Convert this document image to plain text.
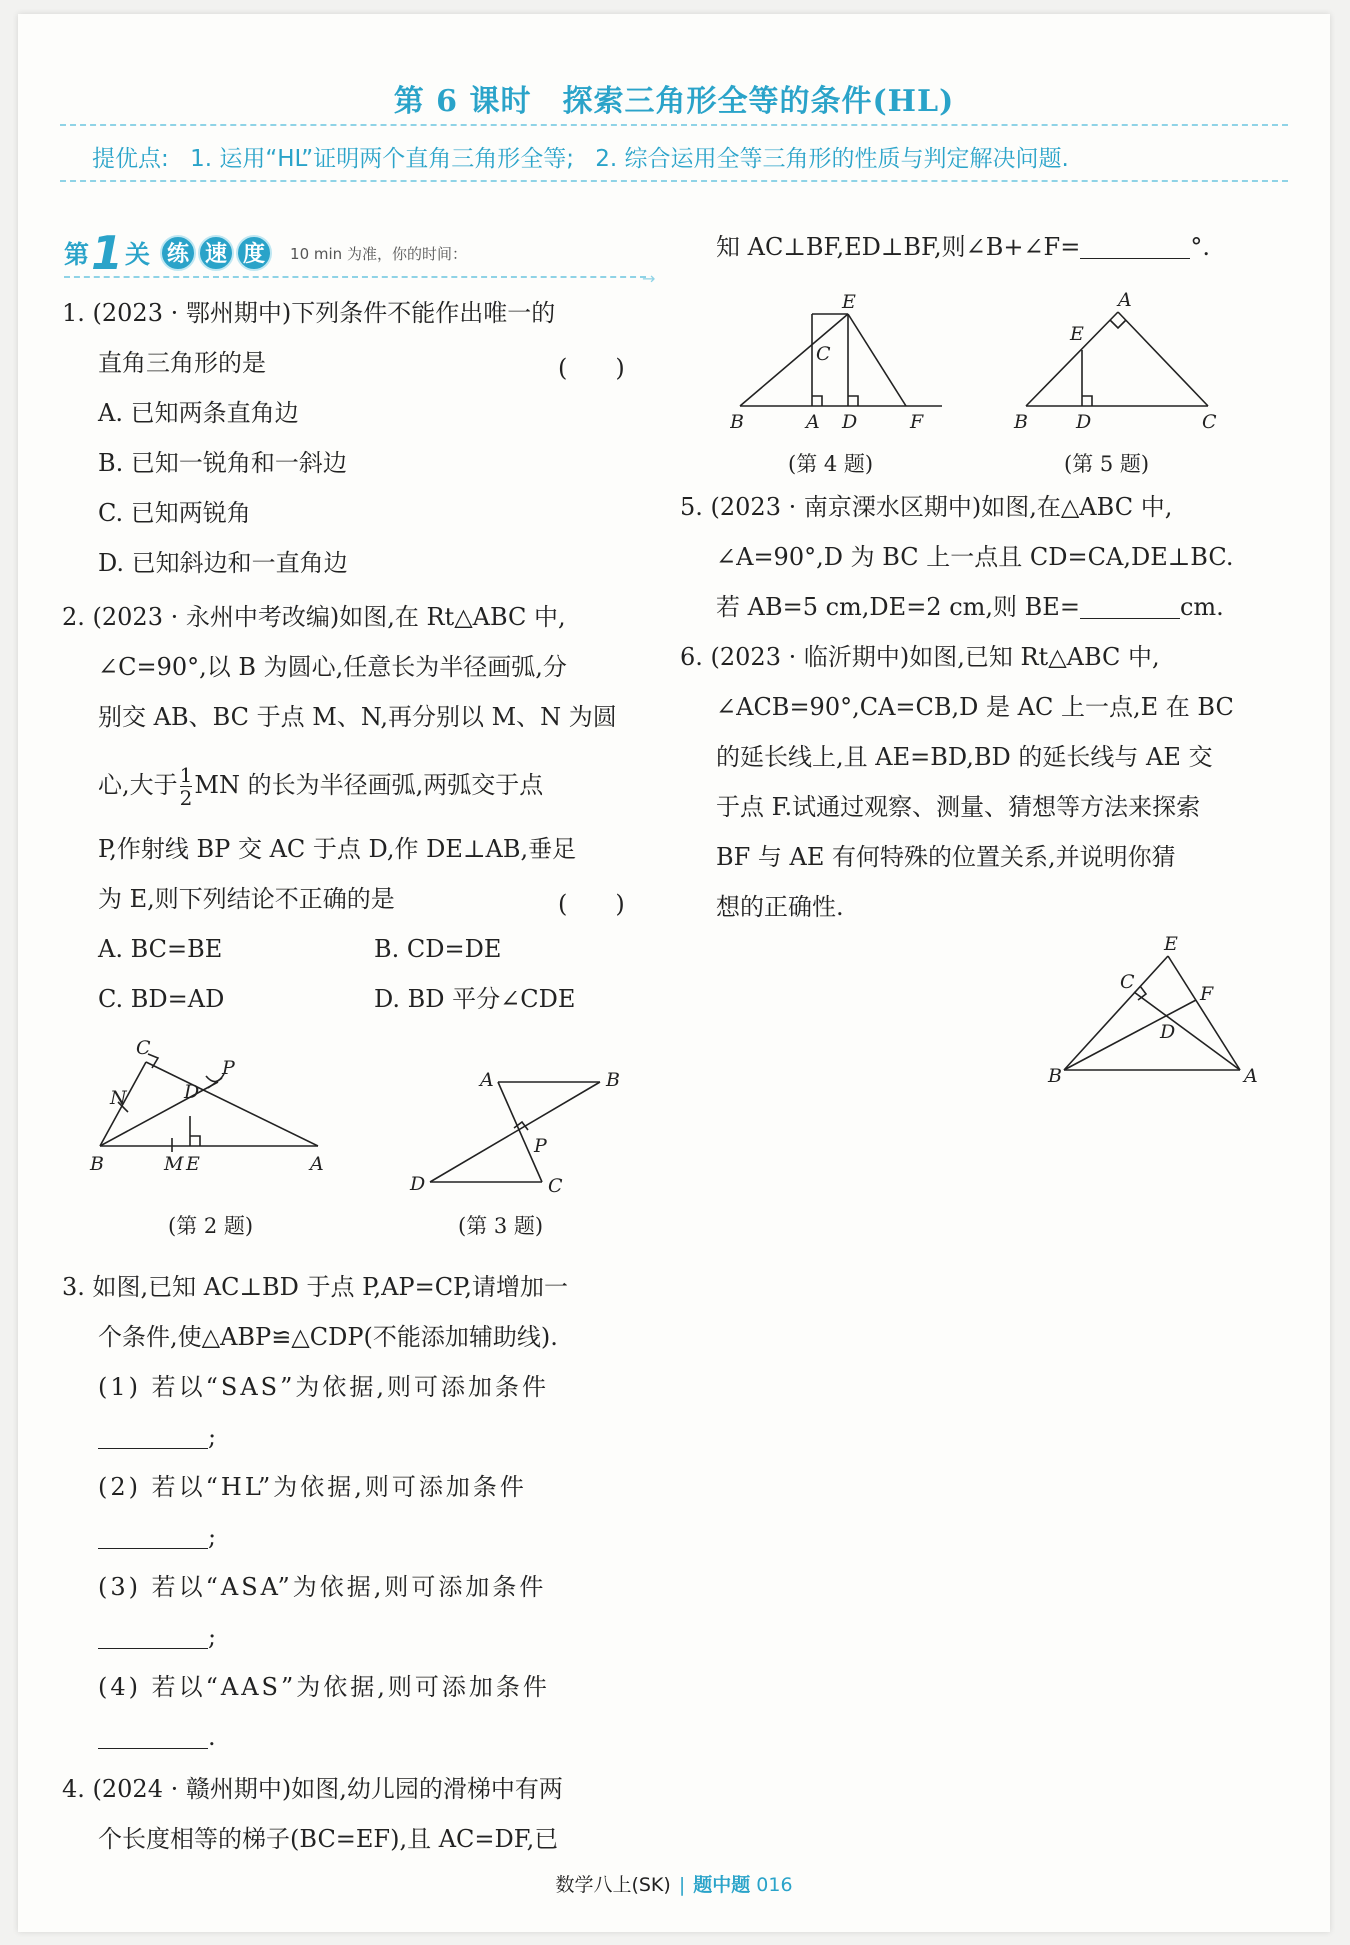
第 6 课时　探索三角形全等的条件(HL)
提优点: 1. 运用“HL”证明两个直角三角形全等; 2. 综合运用全等三角形的性质与判定解决问题.
第 1 关 练 速 度	10 min 为准，你的时间：
→
1. (2023 · 鄂州期中)下列条件不能作出唯一的
直角三角形的是	(　　)
A. 已知两条直角边
B. 已知一锐角和一斜边
C. 已知两锐角
D. 已知斜边和一直角边
2. (2023 · 永州中考改编)如图,在 Rt△ABC 中,
∠C=90°,以 B 为圆心,任意长为半径画弧,分
别交 AB、BC 于点 M、N,再分别以 M、N 为圆
心,大于 $\frac{1}{2}$ MN 的长为半径画弧,两弧交于点
P,作射线 BP 交 AC 于点 D,作 DE⊥AB,垂足
为 E,则下列结论不正确的是	(　　)
A. BC=BE	B. CD=DE
C. BD=AD	D. BD 平分∠CDE
C
N	D
P
B	M E	A
(第 2 题)
A	B
P
D	C
(第 3 题)
3. 如图,已知 AC⊥BD 于点 P,AP=CP,请增加一
个条件,使△ABP≌△CDP(不能添加辅助线).
(1) 若以“SAS”为依据,则可添加条件
;
(2) 若以“HL”为依据,则可添加条件
;
(3) 若以“ASA”为依据,则可添加条件
;
(4) 若以“AAS”为依据,则可添加条件
.
4. (2024 · 赣州期中)如图,幼儿园的滑梯中有两
个长度相等的梯子(BC=EF),且 AC=DF,已
知 AC⊥BF,ED⊥BF,则∠B+∠F=	°.
E
C
B	A D	F
(第 4 题)
A
E
B	D	C
(第 5 题)
5. (2023 · 南京溧水区期中)如图,在△ABC 中,
∠A=90°,D 为 BC 上一点且 CD=CA,DE⊥BC.
若 AB=5 cm,DE=2 cm,则 BE=	cm.
6. (2023 · 临沂期中)如图,已知 Rt△ABC 中,
∠ACB=90°,CA=CB,D 是 AC 上一点,E 在 BC
的延长线上,且 AE=BD,BD 的延长线与 AE 交
于点 F.试通过观察、测量、猜想等方法来探索
BF 与 AE 有何特殊的位置关系,并说明你猜
想的正确性.
E
C
F
D
B	A
数学八上(SK) | 题中题 016
